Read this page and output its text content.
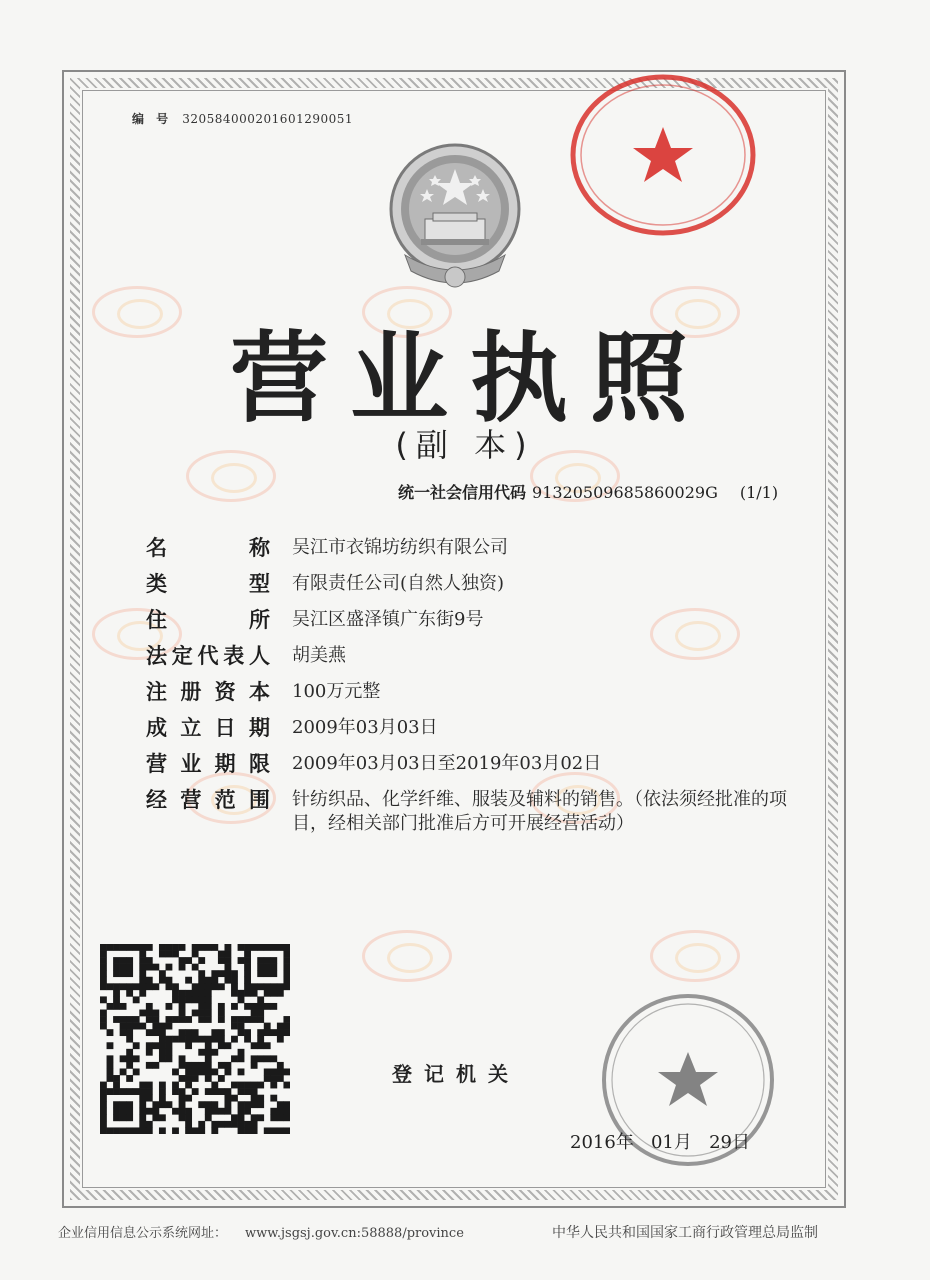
编 号 320584000201601290051
营业执照
(副 本)
统一社会信用代码 91320509685860029G (1/1)
名	称 吴江市衣锦坊纺织有限公司
类	型 有限责任公司(自然人独资)
住	所 吴江区盛泽镇广东街9号
法 定 代 表 人 胡美燕
注 册 资 本 100万元整
成 立 日 期 2009年03月03日
营 业 期 限 2009年03月03日至2019年03月02日
经 营 范 围 针纺织品、化学纤维、服装及辅料的销售。（依法须经批准的项目，经相关部门批准后方可开展经营活动）
登记机关
2016年   01月   29日
企业信用信息公示系统网址： www.jsgsj.gov.cn:58888/province	中华人民共和国国家工商行政管理总局监制
